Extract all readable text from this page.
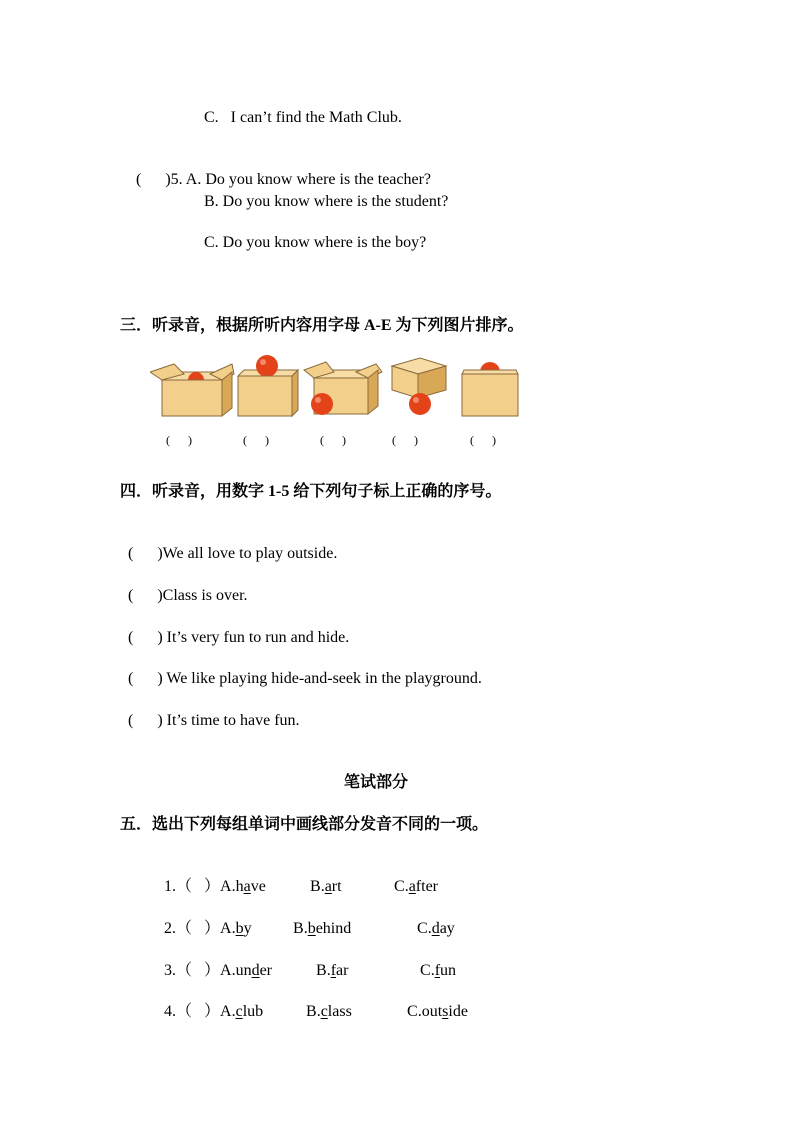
C.   I can’t find the Math Club.

(      )5. A. Do you know where is the teacher?

B. Do you know where is the student?
C. Do you know where is the boy?
三．听录音，根据所听内容用字母 A-E 为下列图片排序。
(      )	(      )	(      )	(      )	(      )
四．听录音，用数字 1-5 给下列句子标上正确的序号。

(      )We all love to play outside.

(      )Class is over.

(      ) It’s very fun to run and hide.

(      ) We like playing hide-and-seek in the playground.

(      ) It’s time to have fun.

笔试部分
五．选出下列每组单词中画线部分发音不同的一项。

1.（   ）A.have	B.art	C.after

2.（   ）A.by	B.behind	C.day

3.（   ）A.under	B.far	C.fun

4.（   ）A.club	B.class	C.outside
